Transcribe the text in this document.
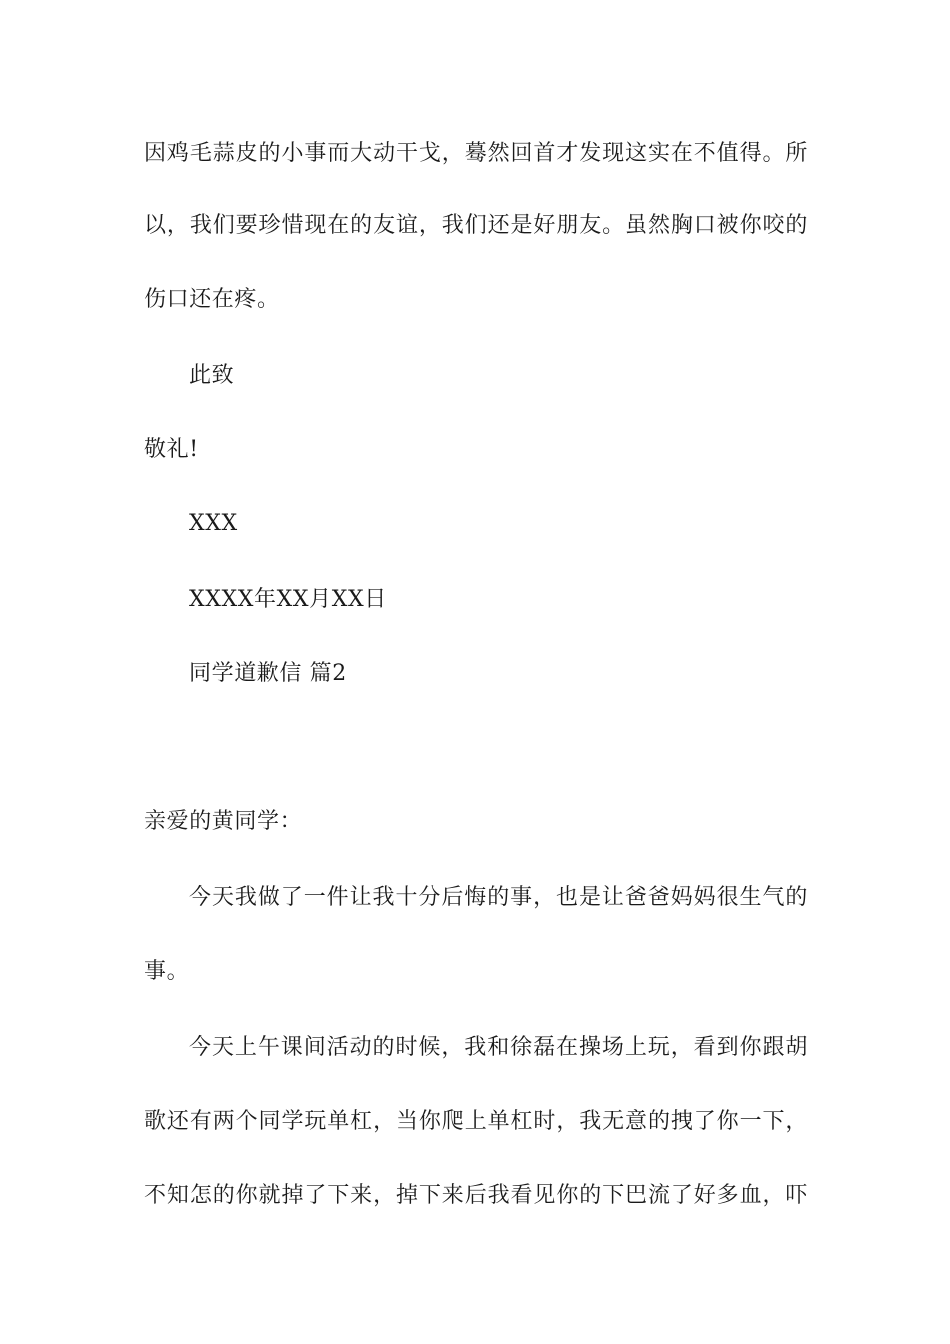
因鸡毛蒜皮的小事而大动干戈，蓦然回首才发现这实在不值得。所
以，我们要珍惜现在的友谊，我们还是好朋友。虽然胸口被你咬的
伤口还在疼。
此致
敬礼!
XXX
XXXX年XX月XX日
同学道歉信 篇2
亲爱的黄同学：
今天我做了一件让我十分后悔的事，也是让爸爸妈妈很生气的
事。
今天上午课间活动的时候，我和徐磊在操场上玩，看到你跟胡
歌还有两个同学玩单杠，当你爬上单杠时，我无意的拽了你一下，
不知怎的你就掉了下来，掉下来后我看见你的下巴流了好多血，吓
